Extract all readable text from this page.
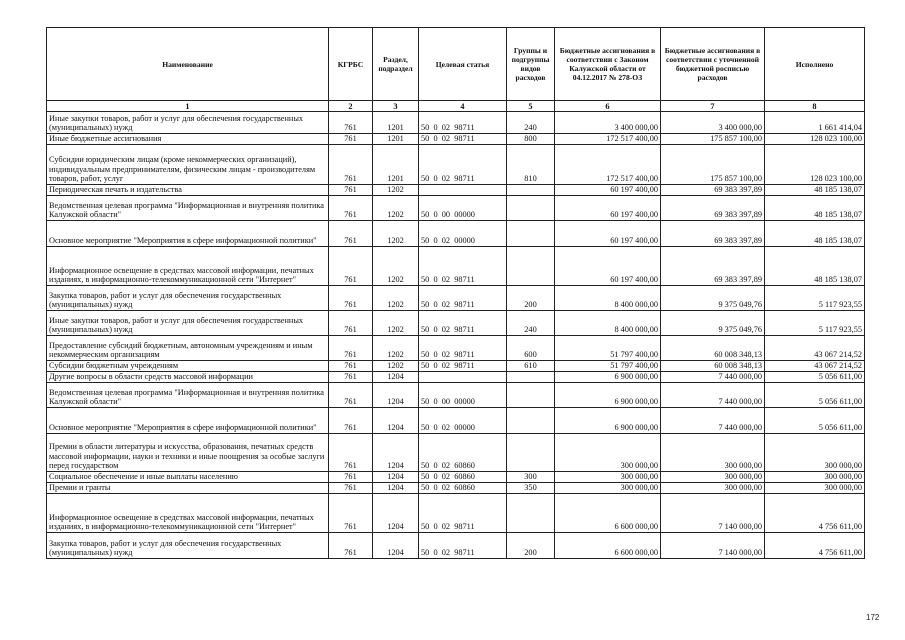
Наименование	КГРБС	Раздел, подраздел	Целевая статья	Группы и подгруппы видов расходов	Бюджетные ассигнования в соответствии с Законом Калужской области от 04.12.2017 № 278-ОЗ	Бюджетные ассигнования в соответствии с уточненной бюджетной росписью расходов	Исполнено
1	2	3	4	5	6	7	8
Иные закупки товаров, работ и услуг для обеспечения государственных (муниципальных) нужд	761	1201	50  0  02  98711	240	3 400 000,00	3 400 000,00	1 661 414,04
Иные бюджетные ассигнования	761	1201	50  0  02  98711	800	172 517 400,00	175 857 100,00	128 023 100,00
Субсидии юридическим лицам (кроме некоммерческих организаций), индивидуальным предпринимателям, физическим лицам - производителям товаров, работ, услуг	761	1201	50  0  02  98711	810	172 517 400,00	175 857 100,00	128 023 100,00
Периодическая печать и издательства	761	1202			60 197 400,00	69 383 397,89	48 185 138,07
Ведомственная целевая программа "Информационная и внутренняя политика Калужской области"	761	1202	50  0  00  00000		60 197 400,00	69 383 397,89	48 185 138,07
Основное мероприятие "Мероприятия в сфере информационной политики"	761	1202	50  0  02  00000		60 197 400,00	69 383 397,89	48 185 138,07
Информационное освещение в средствах массовой информации, печатных изданиях, в информационно-телекоммуникационной сети "Интернет"	761	1202	50  0  02  98711		60 197 400,00	69 383 397,89	48 185 138,07
Закупка товаров, работ и услуг для обеспечения государственных (муниципальных) нужд	761	1202	50  0  02  98711	200	8 400 000,00	9 375 049,76	5 117 923,55
Иные закупки товаров, работ и услуг для обеспечения государственных (муниципальных) нужд	761	1202	50  0  02  98711	240	8 400 000,00	9 375 049,76	5 117 923,55
Предоставление субсидий бюджетным, автономным учреждениям и иным некоммерческим организациям	761	1202	50  0  02  98711	600	51 797 400,00	60 008 348,13	43 067 214,52
Субсидии бюджетным учреждениям	761	1202	50  0  02  98711	610	51 797 400,00	60 008 348,13	43 067 214,52
Другие вопросы в области средств массовой информации	761	1204			6 900 000,00	7 440 000,00	5 056 611,00
Ведомственная целевая программа "Информационная и внутренняя политика Калужской области"	761	1204	50  0  00  00000		6 900 000,00	7 440 000,00	5 056 611,00
Основное мероприятие "Мероприятия в сфере информационной политики"	761	1204	50  0  02  00000		6 900 000,00	7 440 000,00	5 056 611,00
Премии в области литературы и искусства, образования, печатных средств массовой информации, науки и техники и иные поощрения за особые заслуги перед государством	761	1204	50  0  02  60860		300 000,00	300 000,00	300 000,00
Социальное обеспечение и иные выплаты населению	761	1204	50  0  02  60860	300	300 000,00	300 000,00	300 000,00
Премии и гранты	761	1204	50  0  02  60860	350	300 000,00	300 000,00	300 000,00
Информационное освещение в средствах массовой информации, печатных изданиях, в информационно-телекоммуникационной сети "Интернет"	761	1204	50  0  02  98711		6 600 000,00	7 140 000,00	4 756 611,00
Закупка товаров, работ и услуг для обеспечения государственных (муниципальных) нужд	761	1204	50  0  02  98711	200	6 600 000,00	7 140 000,00	4 756 611,00
172
